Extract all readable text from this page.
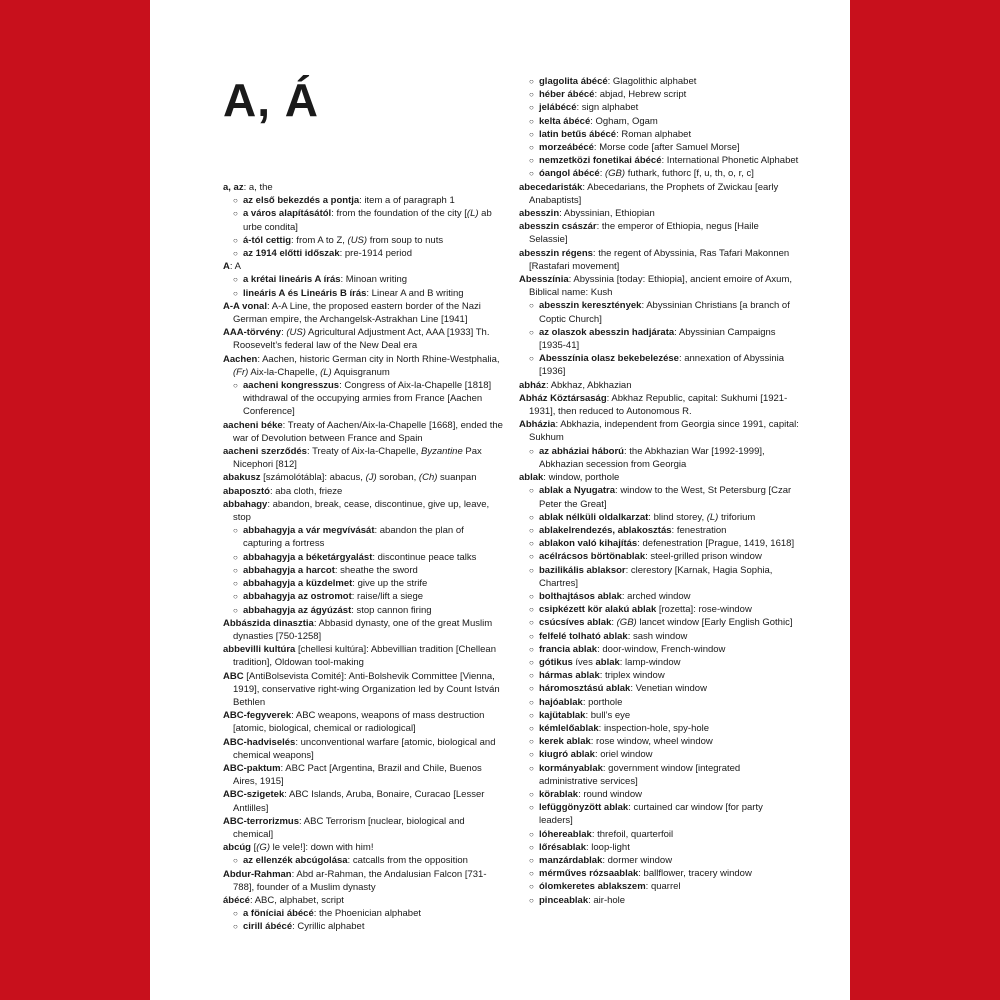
A, Á
a, az: a, the
○ az első bekezdés a pontja: item a of paragraph 1
○ a város alapításától: from the foundation of the city [(L) ab urbe condita]
○ á-tól cettig: from A to Z, (US) from soup to nuts
○ az 1914 előtti időszak: pre-1914 period
A: A
○ a krétai lineáris A írás: Minoan writing
○ lineáris A és Lineáris B írás: Linear A and B writing
A-A vonal: A-A Line, the proposed eastern border of the Nazi German empire, the Archangelsk-Astrakhan Line [1941]
AAA-törvény: (US) Agricultural Adjustment Act, AAA [1933] Th. Roosevelt’s federal law of the New Deal era
Aachen: Aachen, historic German city in North Rhine-Westphalia, (Fr) Aix-la-Chapelle, (L) Aquisgranum
○ aacheni kongresszus: Congress of Aix-la-Chapelle [1818] withdrawal of the occupying armies from France [Aachen Conference]
aacheni béke: Treaty of Aachen/Aix-la-Chapelle [1668], ended the war of Devolution between France and Spain
aacheni szerződés: Treaty of Aix-la-Chapelle, Byzantine Pax Nicephori [812]
abakusz [számolótábla]: abacus, (J) soroban, (Ch) suanpan
abaposztó: aba cloth, frieze
abbahagy: abandon, break, cease, discontinue, give up, leave, stop
○ abbahagyja a vár megvívását: abandon the plan of capturing a fortress
○ abbahagyja a béketárgyalást: discontinue peace talks
○ abbahagyja a harcot: sheathe the sword
○ abbahagyja a küzdelmet: give up the strife
○ abbahagyja az ostromot: raise/lift a siege
○ abbahagyja az ágyúzást: stop cannon firing
Abbászida dinasztia: Abbasid dynasty, one of the great Muslim dynasties [750-1258]
abbevilli kultúra [chellesi kultúra]: Abbevillian tradition [Chellean tradition], Oldowan tool-making
ABC [AntiBolsevista Comité]: Anti-Bolshevik Committee [Vienna, 1919], conservative right-wing Organization led by Count István Bethlen
ABC-fegyverek: ABC weapons, weapons of mass destruction [atomic, biological, chemical or radiological]
ABC-hadviselés: unconventional warfare [atomic, biological and chemical weapons]
ABC-paktum: ABC Pact [Argentina, Brazil and Chile, Buenos Aires, 1915]
ABC-szigetek: ABC Islands, Aruba, Bonaire, Curacao [Lesser Antlilles]
ABC-terrorizmus: ABC Terrorism [nuclear, biological and chemical]
abcúg [(G) le vele!]: down with him!
○ az ellenzék abcúgolása: catcalls from the opposition
Abdur-Rahman: Abd ar-Rahman, the Andalusian Falcon [731-788], founder of a Muslim dynasty
ábécé: ABC, alphabet, script
○ a föníciai ábécé: the Phoenician alphabet
○ cirill ábécé: Cyrillic alphabet
○ glagolita ábécé: Glagolithic alphabet
○ héber ábécé: abjad, Hebrew script
○ jelábécé: sign alphabet
○ kelta ábécé: Ogham, Ogam
○ latin betűs ábécé: Roman alphabet
○ morzeábécé: Morse code [after Samuel Morse]
○ nemzetközi fonetikai ábécé: International Phonetic Alphabet
○ óangol ábécé: (GB) futhark, futhorc [f, u, th, o, r, c]
abecedaristák: Abecedarians, the Prophets of Zwickau [early Anabaptists]
abesszin: Abyssinian, Ethiopian
abesszin császár: the emperor of Ethiopia, negus [Haile Selassie]
abesszin régens: the regent of Abyssinia, Ras Tafari Makonnen [Rastafari movement]
Abesszínia: Abyssinia [today: Ethiopia], ancient emoire of Axum, Biblical name: Kush
○ abesszin keresztények: Abyssinian Christians [a branch of Coptic Church]
○ az olaszok abesszin hadjárata: Abyssinian Campaigns [1935-41]
○ Abesszínia olasz bekebelezése: annexation of Abyssinia [1936]
abház: Abkhaz, Abkhazian
Abház Köztársaság: Abkhaz Republic, capital: Sukhumi [1921-1931], then reduced to Autonomous R.
Abházia: Abkhazia, independent from Georgia since 1991, capital: Sukhum
○ az abháziai háború: the Abkhazian War [1992-1999], Abkhazian secession from Georgia
ablak: window, porthole
○ ablak a Nyugatra: window to the West, St Petersburg [Czar Peter the Great]
○ ablak nélküli oldalkarzat: blind storey, (L) triforium
○ ablakelrendezés, ablakosztás: fenestration
○ ablakon való kihajítás: defenestration [Prague, 1419, 1618]
○ acélrácsos börtönablak: steel-grilled prison window
○ bazilikális ablaksor: clerestory [Karnak, Hagia Sophia, Chartres]
○ bolthajtásos ablak: arched window
○ csipkézett kör alakú ablak [rozetta]: rose-window
○ csúcsíves ablak: (GB) lancet window [Early English Gothic]
○ felfelé tolható ablak: sash window
○ francia ablak: door-window, French-window
○ gótikus íves ablak: lamp-window
○ hármas ablak: triplex window
○ háromosztású ablak: Venetian window
○ hajóablak: porthole
○ kajütablak: bull’s eye
○ kémlelőablak: inspection-hole, spy-hole
○ kerek ablak: rose window, wheel window
○ kiugró ablak: oriel window
○ kormányablak: government window [integrated administrative services]
○ körablak: round window
○ lefüggönyzött ablak: curtained car window [for party leaders]
○ lóhereablak: threfoil, quarterfoil
○ lőrésablak: loop-light
○ manzárdablak: dormer window
○ mérműves rózsaablak: ballflower, tracery window
○ ólomkeretes ablakszem: quarrel
○ pinceablak: air-hole
